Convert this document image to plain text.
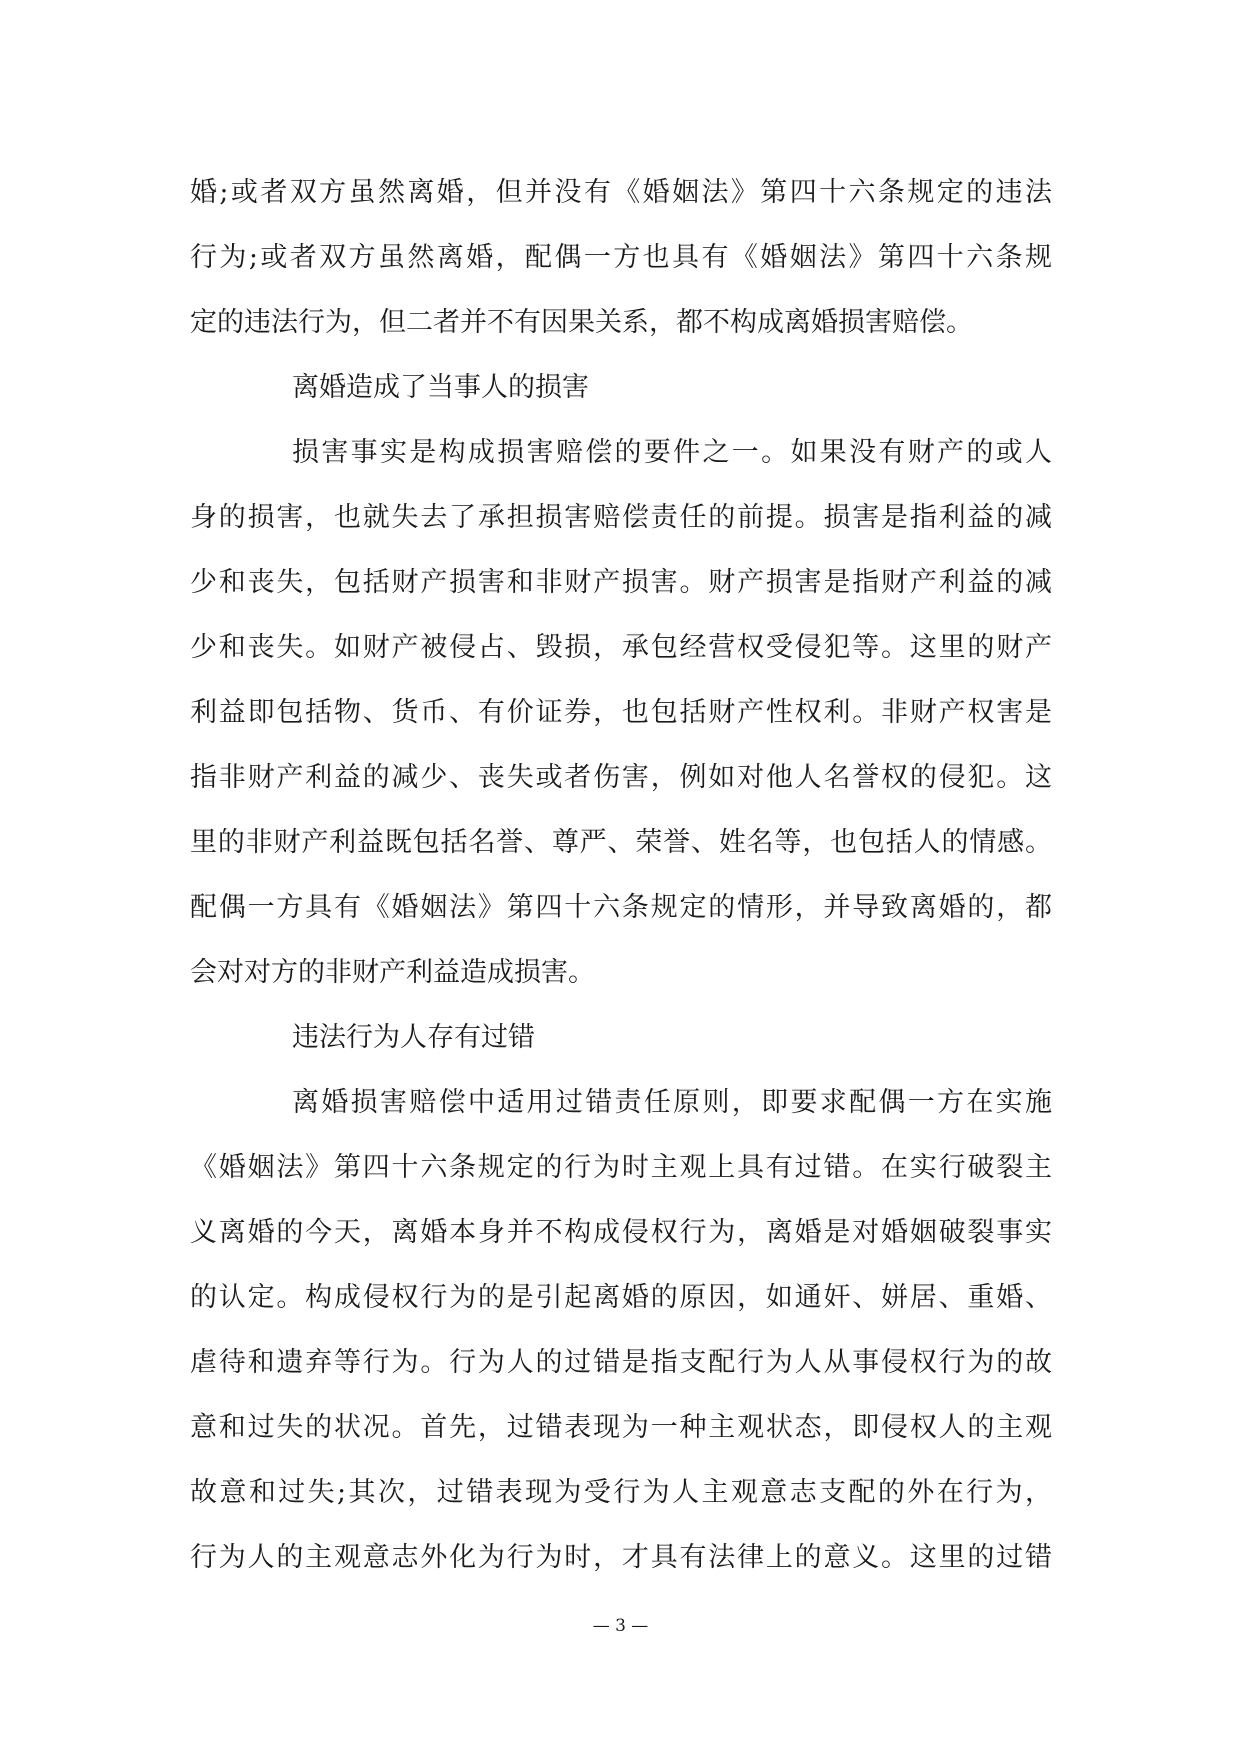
婚;或者双方虽然离婚，但并没有《婚姻法》第四十六条规定的违法
行为;或者双方虽然离婚，配偶一方也具有《婚姻法》第四十六条规
定的违法行为，但二者并不有因果关系，都不构成离婚损害赔偿。
离婚造成了当事人的损害
损害事实是构成损害赔偿的要件之一。如果没有财产的或人
身的损害，也就失去了承担损害赔偿责任的前提。损害是指利益的减
少和丧失，包括财产损害和非财产损害。财产损害是指财产利益的减
少和丧失。如财产被侵占、毁损，承包经营权受侵犯等。这里的财产
利益即包括物、货币、有价证券，也包括财产性权利。非财产权害是
指非财产利益的减少、丧失或者伤害，例如对他人名誉权的侵犯。这
里的非财产利益既包括名誉、尊严、荣誉、姓名等，也包括人的情感。
配偶一方具有《婚姻法》第四十六条规定的情形，并导致离婚的，都
会对对方的非财产利益造成损害。
违法行为人存有过错
离婚损害赔偿中适用过错责任原则，即要求配偶一方在实施
《婚姻法》第四十六条规定的行为时主观上具有过错。在实行破裂主
义离婚的今天，离婚本身并不构成侵权行为，离婚是对婚姻破裂事实
的认定。构成侵权行为的是引起离婚的原因，如通奸、姘居、重婚、
虐待和遗弃等行为。行为人的过错是指支配行为人从事侵权行为的故
意和过失的状况。首先，过错表现为一种主观状态，即侵权人的主观
故意和过失;其次，过错表现为受行为人主观意志支配的外在行为，
行为人的主观意志外化为行为时，才具有法律上的意义。这里的过错
— 3 —
